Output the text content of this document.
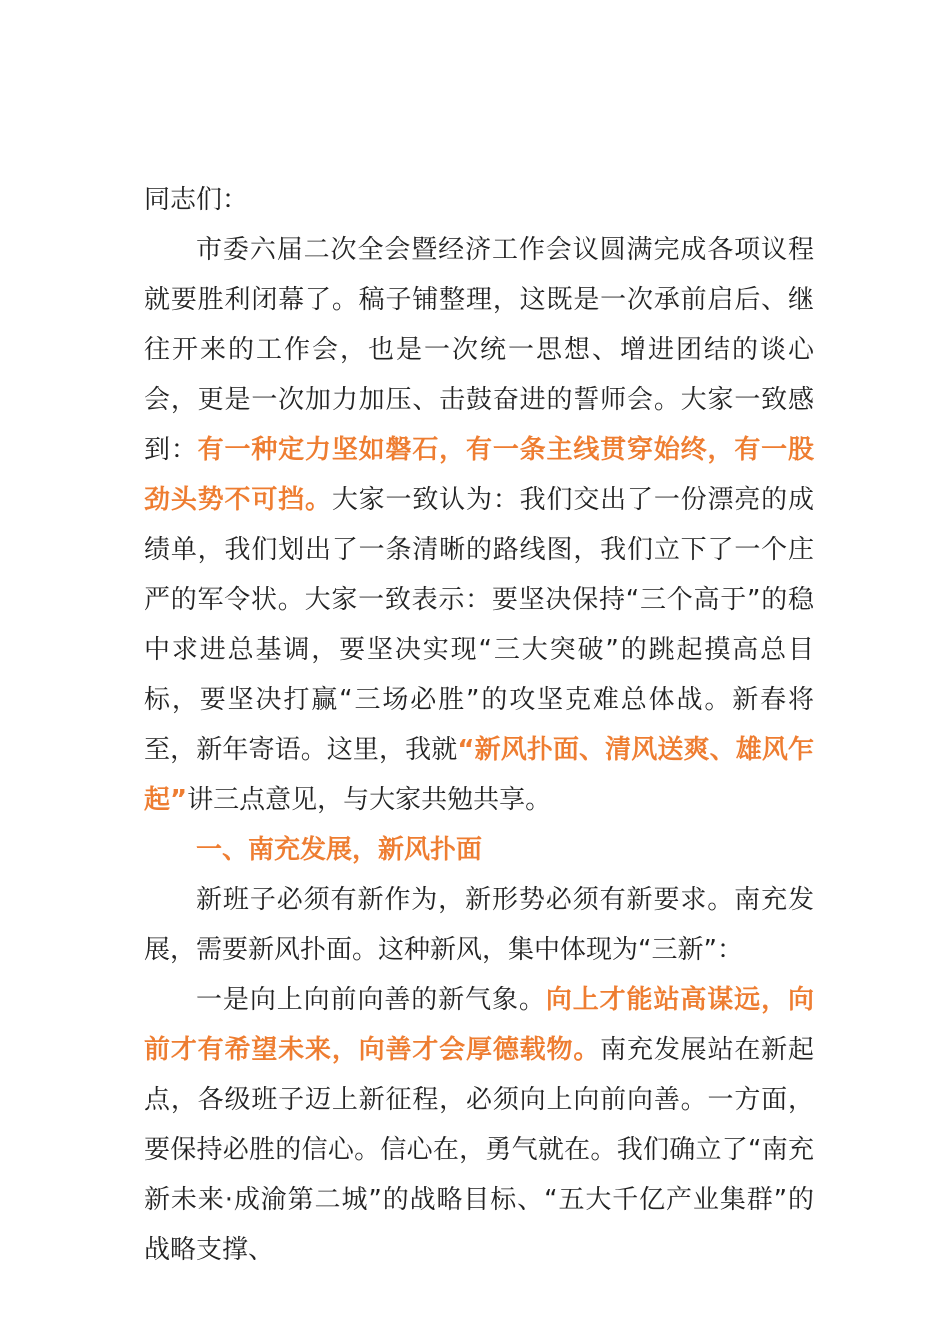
同志们：

市委六届二次全会暨经济工作会议圆满完成各项议程就要胜利闭幕了。稿子铺整理，这既是一次承前启后、继往开来的工作会，也是一次统一思想、增进团结的谈心会，更是一次加力加压、击鼓奋进的誓师会。大家一致感到：有一种定力坚如磐石，有一条主线贯穿始终，有一股劲头势不可挡。大家一致认为：我们交出了一份漂亮的成绩单，我们划出了一条清晰的路线图，我们立下了一个庄严的军令状。大家一致表示：要坚决保持“三个高于”的稳中求进总基调，要坚决实现“三大突破”的跳起摸高总目标，要坚决打赢“三场必胜”的攻坚克难总体战。新春将至，新年寄语。这里，我就“新风扑面、清风送爽、雄风乍起”讲三点意见，与大家共勉共享。

一、南充发展，新风扑面

新班子必须有新作为，新形势必须有新要求。南充发展，需要新风扑面。这种新风，集中体现为“三新”：

一是向上向前向善的新气象。向上才能站高谋远，向前才有希望未来，向善才会厚德载物。南充发展站在新起点，各级班子迈上新征程，必须向上向前向善。一方面，要保持必胜的信心。信心在，勇气就在。我们确立了“南充新未来·成渝第二城”的战略目标、“五大千亿产业集群”的战略支撑、
